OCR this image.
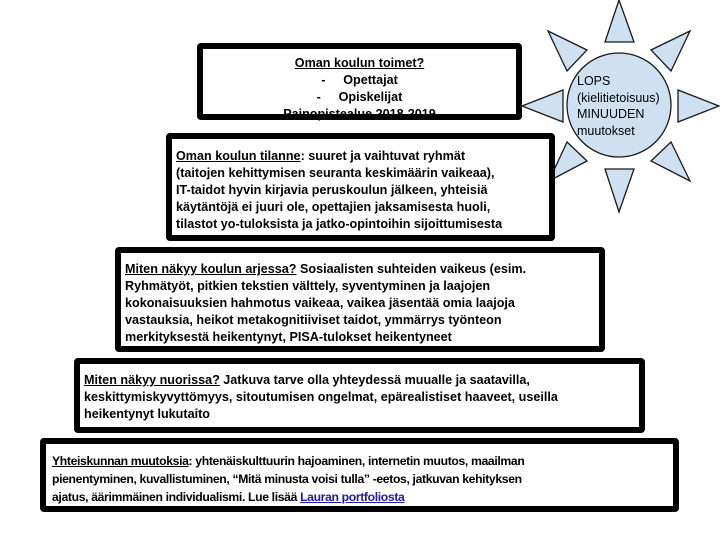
LOPS
(kielitietoisuus)
MINUUDEN
muutokset
Oman koulun toimet?
- Opettajat
- Opiskelijat
Painopistealue 2018-2019
Oman koulun tilanne: suuret ja vaihtuvat ryhmät
(taitojen kehittymisen seuranta keskimäärin vaikeaa),
IT-taidot hyvin kirjavia peruskoulun jälkeen, yhteisiä
käytäntöjä ei juuri ole, opettajien jaksamisesta huoli,
tilastot yo-tuloksista ja jatko-opintoihin sijoittumisesta
Miten näkyy koulun arjessa? Sosiaalisten suhteiden vaikeus (esim.
Ryhmätyöt, pitkien tekstien välttely, syventyminen ja laajojen
kokonaisuuksien hahmotus vaikeaa, vaikea jäsentää omia laajoja
vastauksia, heikot metakognitiiviset taidot, ymmärrys työnteon
merkityksestä heikentynyt, PISA-tulokset heikentyneet
Miten näkyy nuorissa? Jatkuva tarve olla yhteydessä muualle ja saatavilla,
keskittymiskyvyttömyys, sitoutumisen ongelmat, epärealistiset haaveet, useilla
heikentynyt lukutaito
Yhteiskunnan muutoksia: yhtenäiskulttuurin hajoaminen, internetin muutos, maailman
pienentyminen, kuvallistuminen, “Mitä minusta voisi tulla” -eetos, jatkuvan kehityksen
ajatus, äärimmäinen individualismi. Lue lisää Lauran portfoliosta
